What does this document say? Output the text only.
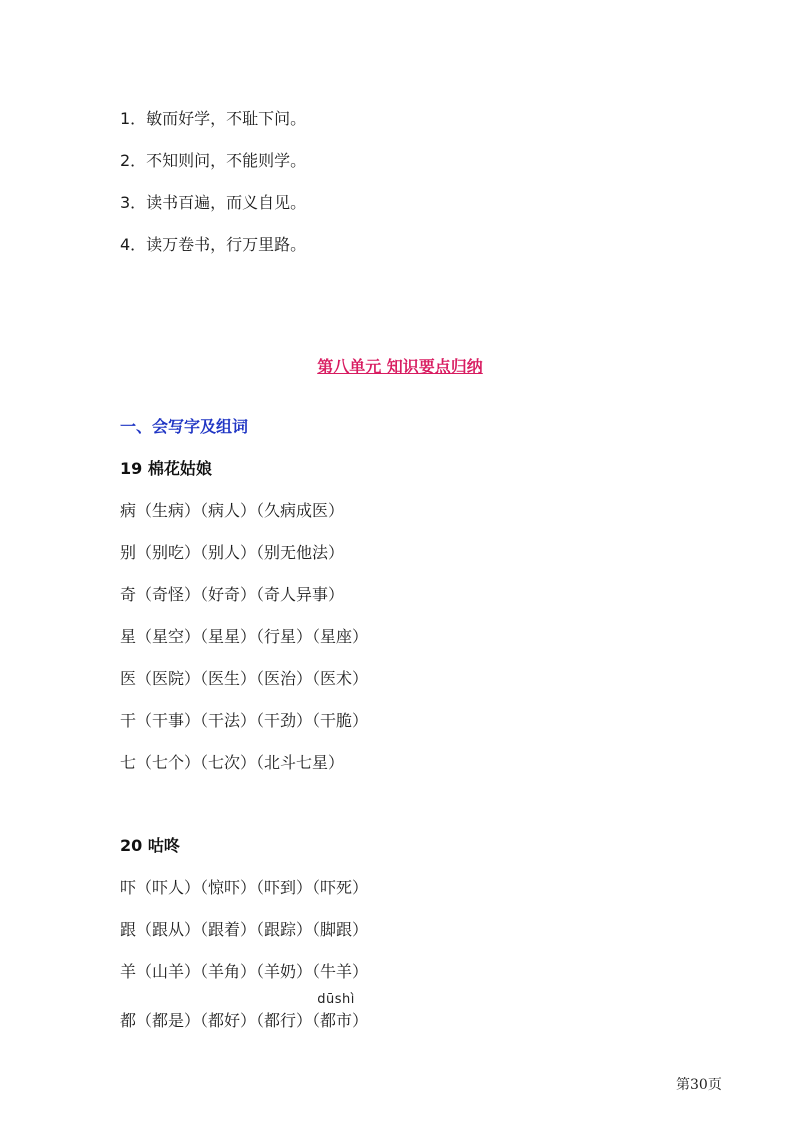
1．敏而好学，不耻下问。
2．不知则问，不能则学。
3．读书百遍，而义自见。
4．读万卷书，行万里路。
第八单元 知识要点归纳
一、会写字及组词
19 棉花姑娘
病（生病）（病人）（久病成医）
别（别吃）（别人）（别无他法）
奇（奇怪）（好奇）（奇人异事）
星（星空）（星星）（行星）（星座）
医（医院）（医生）（医治）（医术）
干（干事）（干法）（干劲）（干脆）
七（七个）（七次）（北斗七星）
20 咕咚
吓（吓人）（惊吓）（吓到）（吓死）
跟（跟从）（跟着）（跟踪）（脚跟）
羊（山羊）（羊角）（羊奶）（牛羊）
都（都是）（都好）（都行）（
dūshì
都市）
第30页
